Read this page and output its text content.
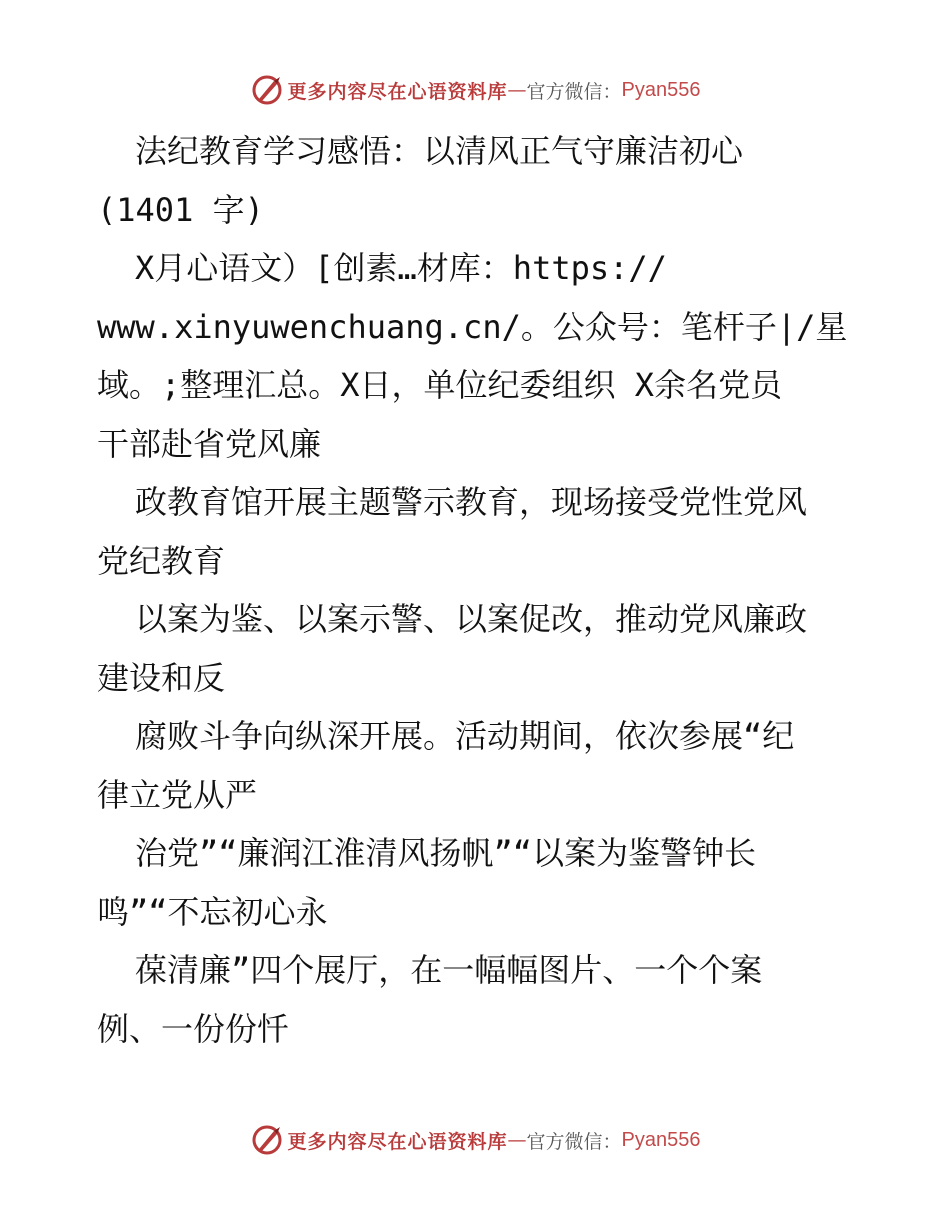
更多内容尽在心语资料库 — 官方微信： Pyan556
法纪教育学习感悟：以清风正气守廉洁初心
(1401 字)
X月心语文）[创素…材库：https://
www.xinyuwenchuang.cn/。公众号：笔杆子|/星
域。;整理汇总。X日，单位纪委组织 X余名党员
干部赴省党风廉
政教育馆开展主题警示教育，现场接受党性党风
党纪教育
以案为鉴、以案示警、以案促改，推动党风廉政
建设和反
腐败斗争向纵深开展。活动期间，依次参展“纪
律立党从严
治党”“廉润江淮清风扬帆”“以案为鉴警钟长
鸣”“不忘初心永
葆清廉”四个展厅，在一幅幅图片、一个个案
例、一份份忏
更多内容尽在心语资料库 — 官方微信： Pyan556
